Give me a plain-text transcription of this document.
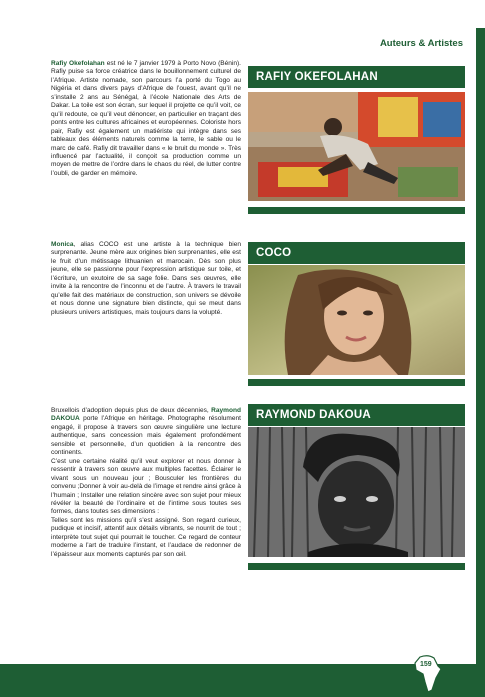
Auteurs & Artistes
Rafiy Okefolahan est né le 7 janvier 1979 à Porto Novo (Bénin). Rafiy puise sa force créatrice dans le bouillonnement culturel de l’Afrique. Artiste nomade, son parcours l’a porté du Togo au Nigéria et dans divers pays d’Afrique de l’ouest, avant qu’il ne s’installe 2 ans au Sénégal, à l’école Nationale des Arts de Dakar. La toile est son écran, sur lequel il projette ce qu’il voit, ce qu’il redoute, ce qu’il veut dénoncer, en particulier en traçant des ponts entre les cultures africaines et européennes. Coloriste hors pair, Rafiy est également un matiériste qui intègre dans ses tableaux des éléments naturels comme la terre, le sable ou le marc de café. Rafiy dit travailler dans « le bruit du monde ». Très influencé par l’actualité, il conçoit sa production comme un moyen de mettre de l’ordre dans le chaos du réel, de lutter contre l’oubli, de garder en mémoire.
Monica, alias COCO est une artiste à la technique bien surprenante. Jeune mère aux origines bien surprenantes, elle est le fruit d’un métissage lithuanien et marocain. Dès son plus jeune, elle se passionne pour l’expression artistique sur toile, et l’écriture, un exutoire de sa sage folie. Dans ses œuvres, elle invite à la rencontre de l’inconnu et de l’autre. À travers le travail qu’elle fait des matériaux de construction, son univers se dévoile et nous donne une signature bien distincte, qui se meut dans plusieurs univers artistiques, mais toujours dans la volupté.
Bruxellois d’adoption depuis plus de deux décennies, Raymond DAKOUA porte l’Afrique en héritage. Photographe résolument engagé, il propose à travers son œuvre singulière une lecture authentique, sans concession mais également profondément sensible et personnelle, d’un quotidien à la rencontre des continents.
C’est une certaine réalité qu’il veut explorer et nous donner à ressentir à travers son œuvre aux multiples facettes. Éclairer le vivant sous un nouveau jour ; Bousculer les frontières du convenu ;Donner à voir au-delà de l’image et rendre ainsi grâce à l’humain ; Installer une relation sincère avec son sujet pour mieux révéler la beauté de l’ordinaire et de l’intime sous toutes ses formes, dans toutes ses dimensions :
Telles sont les missions qu’il s’est assigné. Son regard curieux, pudique et incisif, attentif aux détails vibrants, se nourrit de tout ; interprète tout sujet qui pourrait le toucher. Ce regard de conteur moderne a l’art de traduire l’instant, et l’audace de redonner de l’épaisseur aux moments capturés par son œil.
RAFIY OKEFOLAHAN
COCO
RAYMOND DAKOUA
159
